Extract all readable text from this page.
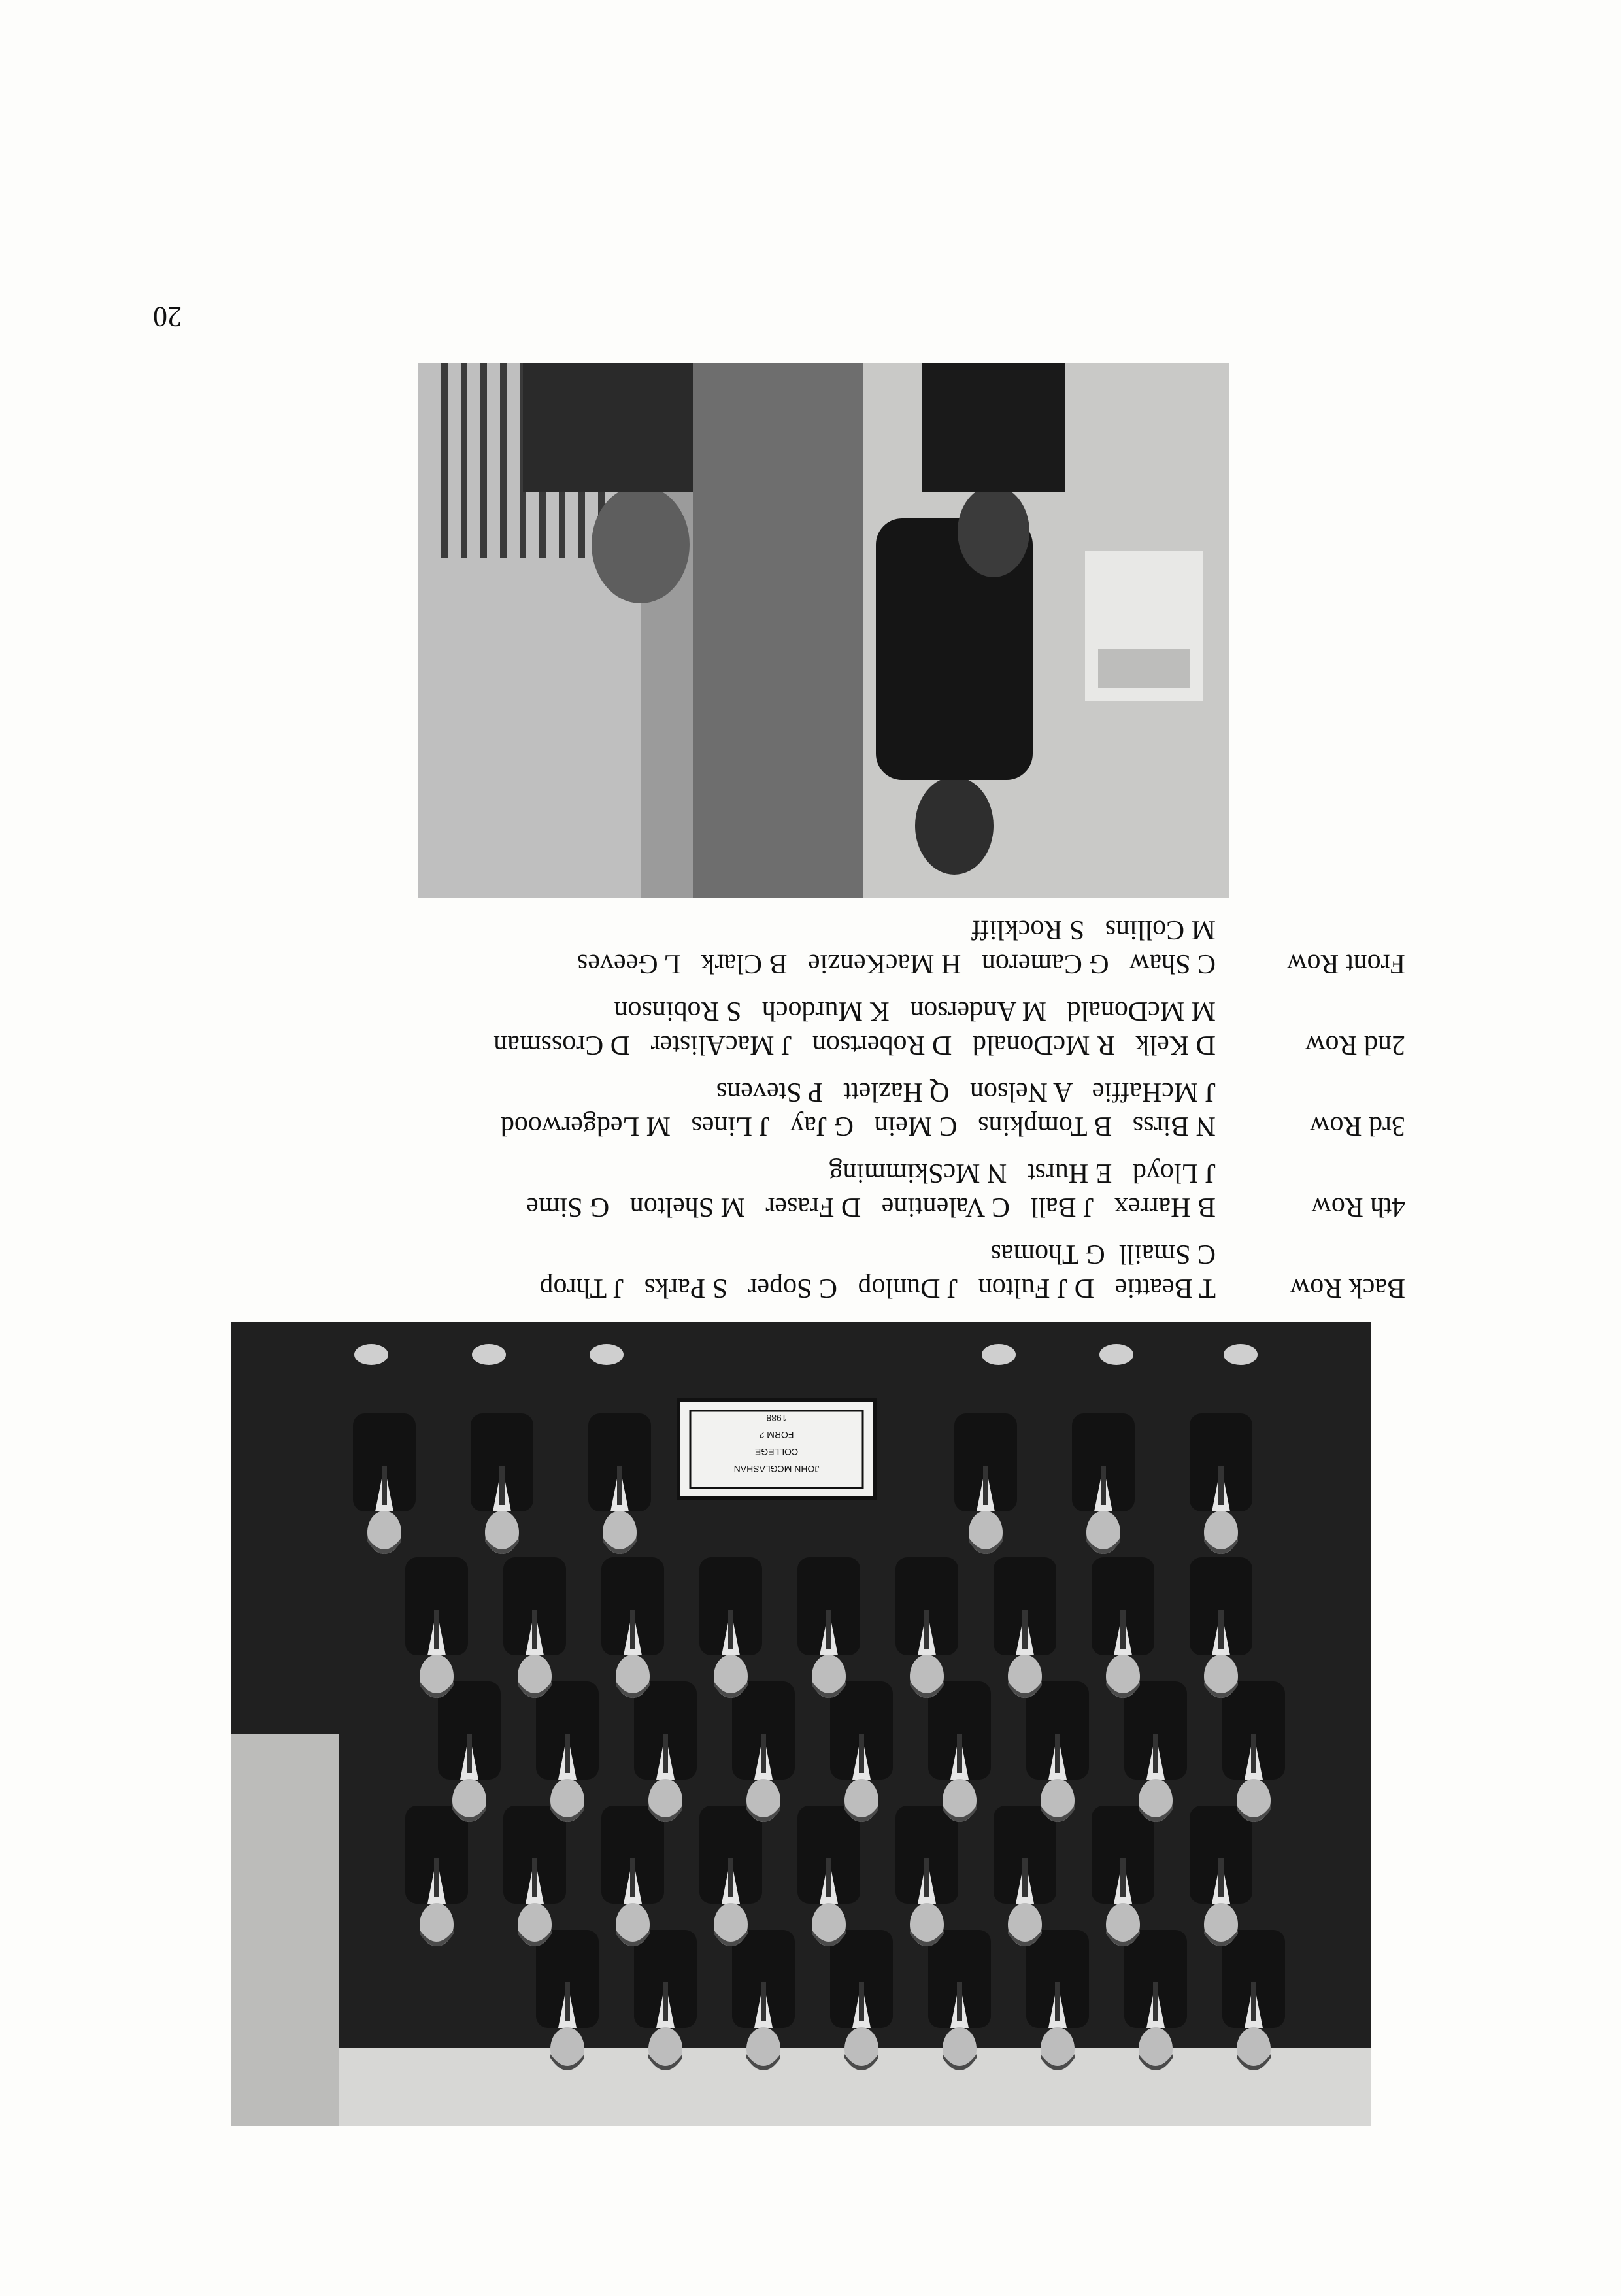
20
Back Row
T Beattie   D J Fulton   J Dunlop   C Soper   S Parks   J Throp
C Smaill  G Thomas
4th Row
B Harrex   J Ball   C Valentine   D Fraser   M Shelton   G Sime
J Lloyd   E Hurst   N McSkimming
3rd Row
N Birss   B Tompkins   C Mein   G Jay   J Lines   M Ledgerwood
J McHaffie   A Nelson   Q Hazlett   P Stevens
2nd Row
D Kelk   R McDonald   D Robertson   J MacAlister   D Crossman
M McDonald   M Anderson   K Murdoch   S Robinson
Front Row
C Shaw   G Cameron   H MacKenzie   B Clark   L Geeves
M Collins   S Rockliff
JOHN MCGLASHAN
COLLEGE
FORM 2
1988
